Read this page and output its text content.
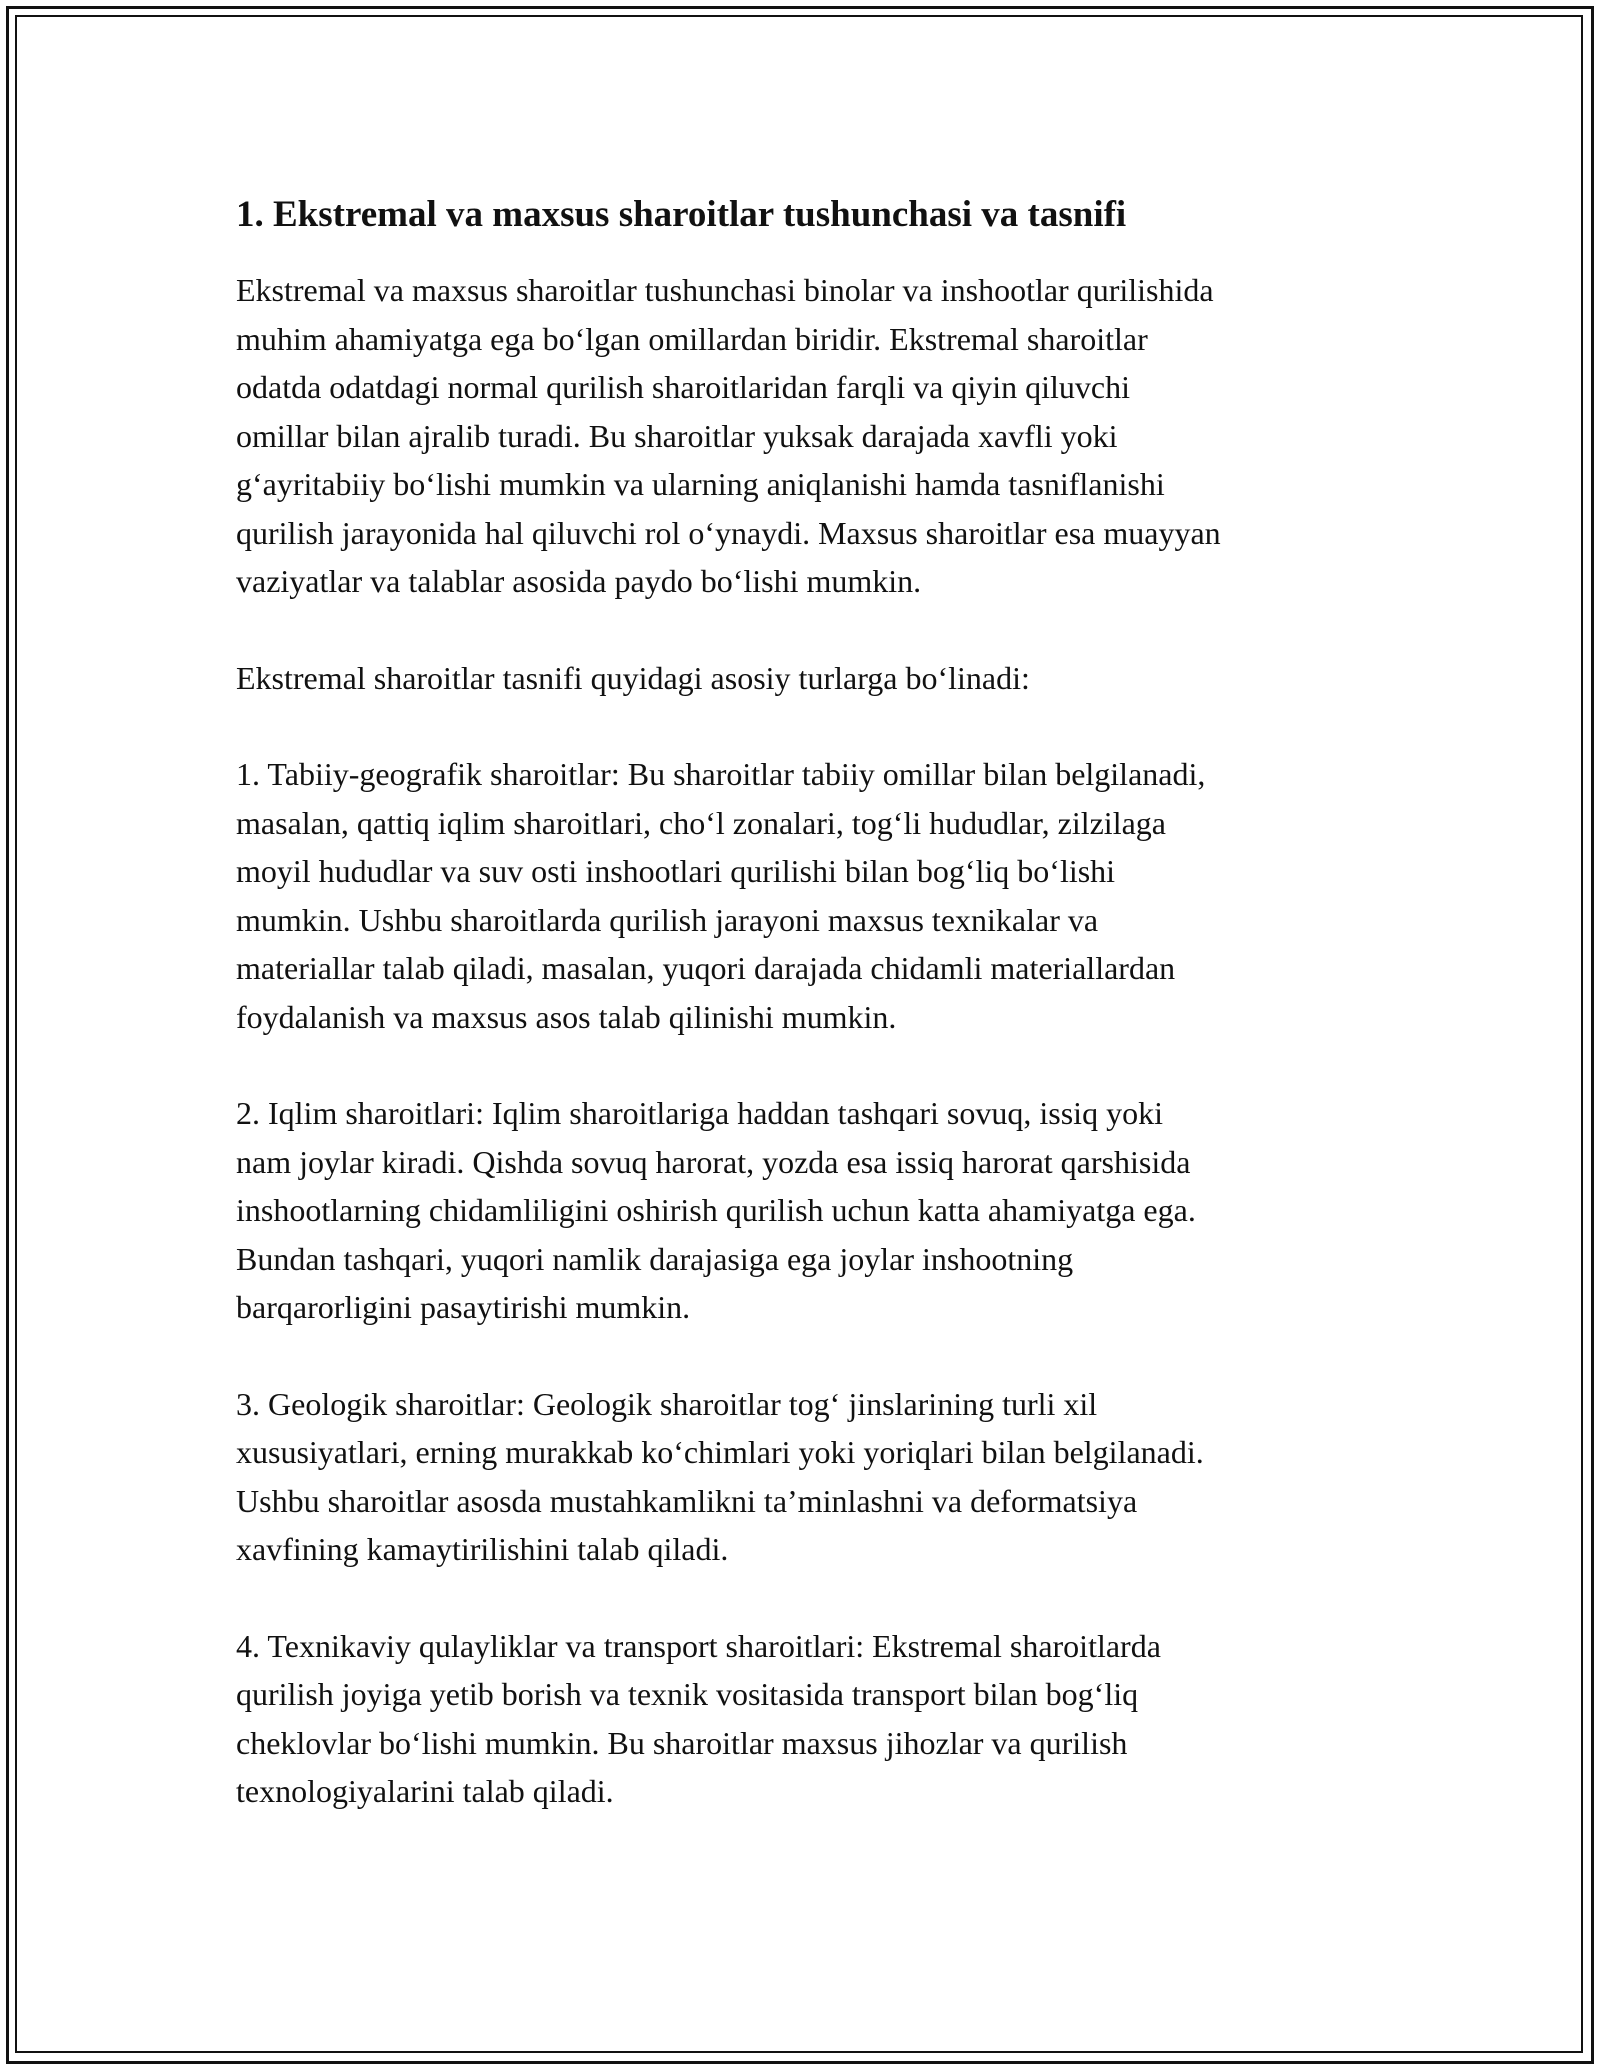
1. Ekstremal va maxsus sharoitlar tushunchasi va tasnifi

Ekstremal va maxsus sharoitlar tushunchasi binolar va inshootlar qurilishida
muhim ahamiyatga ega bo‘lgan omillardan biridir. Ekstremal sharoitlar
odatda odatdagi normal qurilish sharoitlaridan farqli va qiyin qiluvchi
omillar bilan ajralib turadi. Bu sharoitlar yuksak darajada xavfli yoki
g‘ayritabiiy bo‘lishi mumkin va ularning aniqlanishi hamda tasniflanishi
qurilish jarayonida hal qiluvchi rol o‘ynaydi. Maxsus sharoitlar esa muayyan
vaziyatlar va talablar asosida paydo bo‘lishi mumkin.

Ekstremal sharoitlar tasnifi quyidagi asosiy turlarga bo‘linadi:

1. Tabiiy-geografik sharoitlar: Bu sharoitlar tabiiy omillar bilan belgilanadi,
masalan, qattiq iqlim sharoitlari, cho‘l zonalari, tog‘li hududlar, zilzilaga
moyil hududlar va suv osti inshootlari qurilishi bilan bog‘liq bo‘lishi
mumkin. Ushbu sharoitlarda qurilish jarayoni maxsus texnikalar va
materiallar talab qiladi, masalan, yuqori darajada chidamli materiallardan
foydalanish va maxsus asos talab qilinishi mumkin.

2. Iqlim sharoitlari: Iqlim sharoitlariga haddan tashqari sovuq, issiq yoki
nam joylar kiradi. Qishda sovuq harorat, yozda esa issiq harorat qarshisida
inshootlarning chidamliligini oshirish qurilish uchun katta ahamiyatga ega.
Bundan tashqari, yuqori namlik darajasiga ega joylar inshootning
barqarorligini pasaytirishi mumkin.

3. Geologik sharoitlar: Geologik sharoitlar tog‘ jinslarining turli xil
xususiyatlari, erning murakkab ko‘chimlari yoki yoriqlari bilan belgilanadi.
Ushbu sharoitlar asosda mustahkamlikni ta’minlashni va deformatsiya
xavfining kamaytirilishini talab qiladi.

4. Texnikaviy qulayliklar va transport sharoitlari: Ekstremal sharoitlarda
qurilish joyiga yetib borish va texnik vositasida transport bilan bog‘liq
cheklovlar bo‘lishi mumkin. Bu sharoitlar maxsus jihozlar va qurilish
texnologiyalarini talab qiladi.
